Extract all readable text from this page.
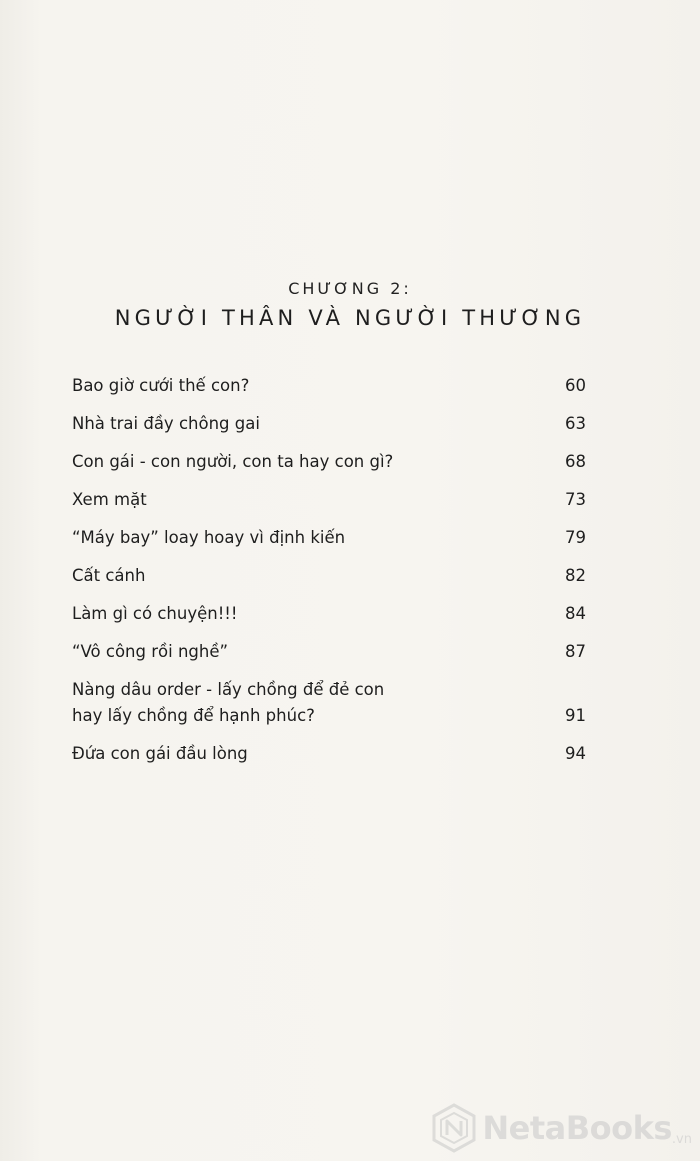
CHƯƠNG 2:
NGƯỜI THÂN VÀ NGƯỜI THƯƠNG
Bao giờ cưới thế con?	60
Nhà trai đầy chông gai	63
Con gái - con người, con ta hay con gì?	68
Xem mặt	73
“Máy bay” loay hoay vì định kiến	79
Cất cánh	82
Làm gì có chuyện!!!	84
“Vô công rồi nghề”	87
Nàng dâu order - lấy chồng để đẻ con
hay lấy chồng để hạnh phúc?	91
Đứa con gái đầu lòng	94
NetaBooks .vn
